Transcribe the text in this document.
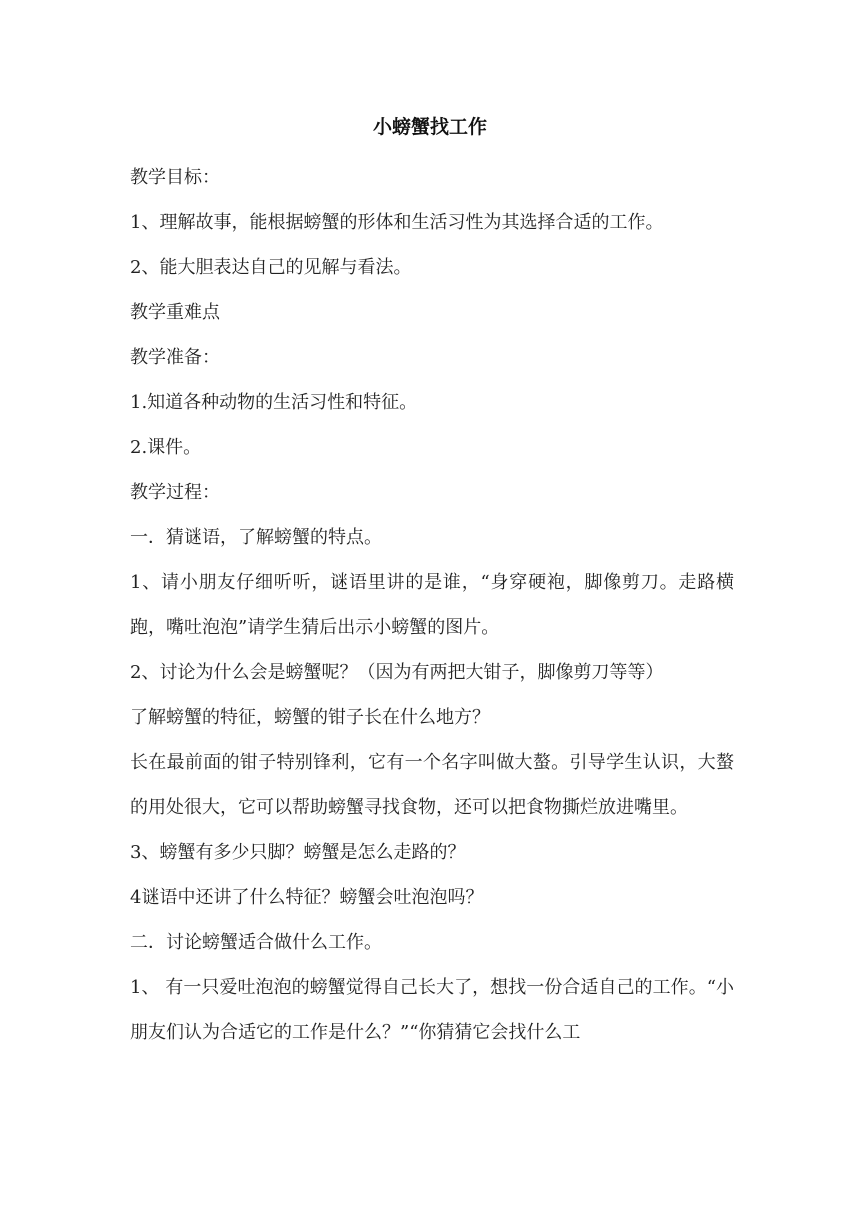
小螃蟹找工作

教学目标：

1、理解故事，能根据螃蟹的形体和生活习性为其选择合适的工作。

2、能大胆表达自己的见解与看法。

教学重难点

教学准备：

1.知道各种动物的生活习性和特征。

2.课件。

教学过程：

一．猜谜语，了解螃蟹的特点。

1、请小朋友仔细听听，谜语里讲的是谁，“身穿硬袍，脚像剪刀。走路横跑，嘴吐泡泡”请学生猜后出示小螃蟹的图片。

2、讨论为什么会是螃蟹呢？（因为有两把大钳子，脚像剪刀等等）

了解螃蟹的特征，螃蟹的钳子长在什么地方？

长在最前面的钳子特别锋利，它有一个名字叫做大螯。引导学生认识，大螯的用处很大，它可以帮助螃蟹寻找食物，还可以把食物撕烂放进嘴里。

3、螃蟹有多少只脚？螃蟹是怎么走路的？

4谜语中还讲了什么特征？螃蟹会吐泡泡吗？

二．讨论螃蟹适合做什么工作。

1、 有一只爱吐泡泡的螃蟹觉得自己长大了，想找一份合适自己的工作。“小朋友们认为合适它的工作是什么？”“你猜猜它会找什么工
